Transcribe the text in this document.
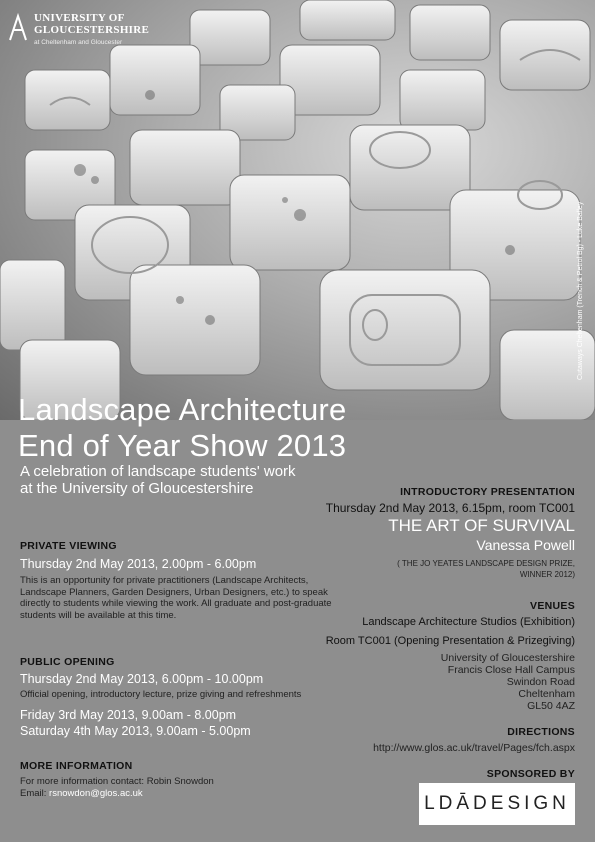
UNIVERSITY OF
GLOUCESTERSHIRE
at Cheltenham and Gloucester
Cutaways Cheltenham (Trench & Petrol Bg) - Luke Balley
Landscape Architecture
End of Year Show 2013
A celebration of landscape students' work
at the University of Gloucestershire
PRIVATE VIEWING
Thursday 2nd May 2013, 2.00pm - 6.00pm
This is an opportunity for private practitioners (Landscape Architects, Landscape Planners, Garden Designers, Urban Designers, etc.) to speak directly to students while viewing the work. All graduate and post-graduate students will be available at this time.
PUBLIC OPENING
Thursday 2nd May 2013, 6.00pm - 10.00pm
Official opening, introductory lecture, prize giving and refreshments
Friday 3rd May 2013, 9.00am - 8.00pm
Saturday 4th May 2013, 9.00am - 5.00pm
MORE INFORMATION
For more information contact: Robin Snowdon
Email: rsnowdon@glos.ac.uk
INTRODUCTORY PRESENTATION
Thursday 2nd May 2013, 6.15pm, room TC001
THE ART OF SURVIVAL
Vanessa Powell
( THE JO YEATES LANDSCAPE DESIGN PRIZE,
WINNER 2012)
VENUES
Landscape Architecture Studios (Exhibition)
Room TC001 (Opening Presentation & Prizegiving)
University of Gloucestershire
Francis Close Hall Campus
Swindon Road
Cheltenham
GL50 4AZ
DIRECTIONS
http://www.glos.ac.uk/travel/Pages/fch.aspx
SPONSORED BY
LDĀDESIGN
